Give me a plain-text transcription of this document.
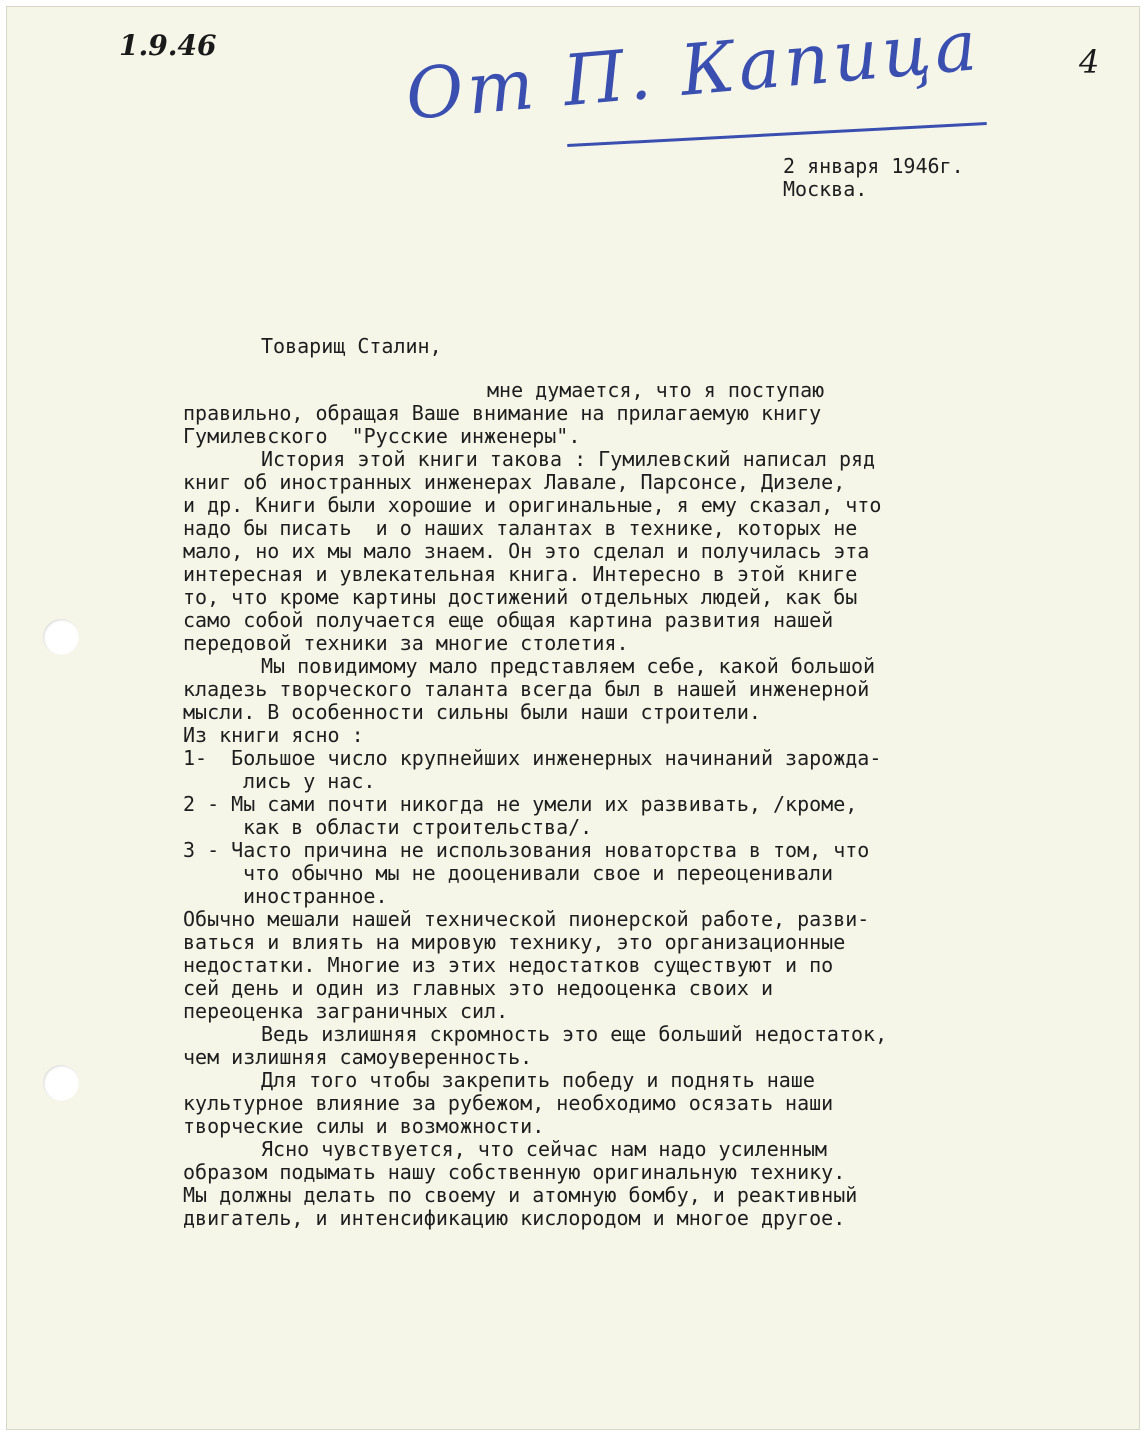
1.9.46	4
От П. Капица
2 января 1946г.
Москва.
Товарищ Сталин,

мне думается, что я поступаю

правильно, обращая Ваше внимание на прилагаемую книгу

Гумилевского  "Русские инженеры".

История этой книги такова : Гумилевский написал ряд

книг об иностранных инженерах Лавале, Парсонсе, Дизеле,

и др. Книги были хорошие и оригинальные, я ему сказал, что

надо бы писать  и о наших талантах в технике, которых не

мало, но их мы мало знаем. Он это сделал и получилась эта

интересная и увлекательная книга. Интересно в этой книге

то, что кроме картины достижений отдельных людей, как бы

само собой получается еще общая картина развития нашей

передовой техники за многие столетия.

Мы повидимому мало представляем себе, какой большой

кладезь творческого таланта всегда был в нашей инженерной

мысли. В особенности сильны были наши строители.

Из книги ясно :

1-  Большое число крупнейших инженерных начинаний зарожда-

лись у нас.

2 - Мы сами почти никогда не умели их развивать, /кроме,

как в области строительства/.

3 - Часто причина не использования новаторства в том, что

что обычно мы не дооценивали свое и переоценивали

иностранное.

Обычно мешали нашей технической пионерской работе, разви-

ваться и влиять на мировую технику, это организационные

недостатки. Многие из этих недостатков существуют и по

сей день и один из главных это недооценка своих и

переоценка заграничных сил.

Ведь излишняя скромность это еще больший недостаток,

чем излишняя самоуверенность.

Для того чтобы закрепить победу и поднять наше

культурное влияние за рубежом, необходимо осязать наши

творческие силы и возможности.

Ясно чувствуется, что сейчас нам надо усиленным

образом подымать нашу собственную оригинальную технику.

Мы должны делать по своему и атомную бомбу, и реактивный

двигатель, и интенсификацию кислородом и многое другое.
